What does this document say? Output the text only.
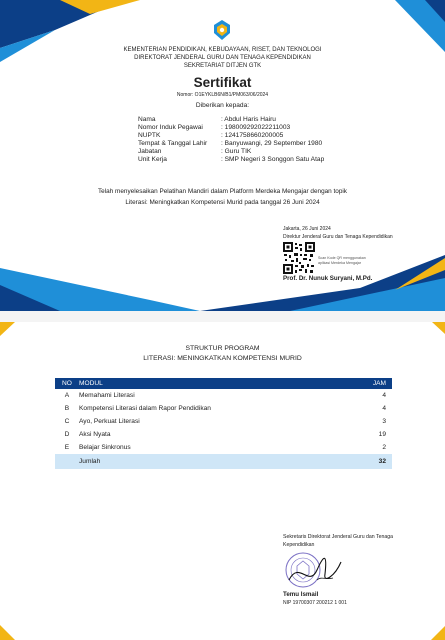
KEMENTERIAN PENDIDIKAN, KEBUDAYAAN, RISET, DAN TEKNOLOGI
DIREKTORAT JENDERAL GURU DAN TENAGA KEPENDIDIKAN
SEKRETARIAT DITJEN GTK
Sertifikat
Nomor: O1EYKLB6N/B1/PM063/06/2024
Diberikan kepada:
Nama	: Abdul Haris Hairu
Nomor Induk Pegawai	: 198009292022211003
NUPTK	: 1241758660200005
Tempat & Tanggal Lahir : Banyuwangi, 29 September 1980
Jabatan	: Guru TIK
Unit Kerja	: SMP Negeri 3 Songgon Satu Atap
Telah menyelesaikan Pelatihan Mandiri dalam Platform Merdeka Mengajar dengan topik
Literasi: Meningkatkan Kompetensi Murid pada tanggal 26 Juni 2024
Jakarta, 26 Juni 2024
Direktur Jenderal Guru dan Tenaga Kependidikan
Scan Kode QR menggunakan
aplikasi Merdeka Mengajar
Prof. Dr. Nunuk Suryani, M.Pd.
STRUKTUR PROGRAM
LITERASI: MENINGKATKAN KOMPETENSI MURID
NO	MODUL	JAM
A	Memahami Literasi	4
B	Kompetensi Literasi dalam Rapor Pendidikan	4
C	Ayo, Perkuat Literasi	3
D	Aksi Nyata	19
E	Belajar Sinkronus	2
	Jumlah	32
Sekretaris Direktorat Jenderal Guru dan Tenaga
Kependidikan
Temu Ismail
NIP 19700307 200212 1 001
